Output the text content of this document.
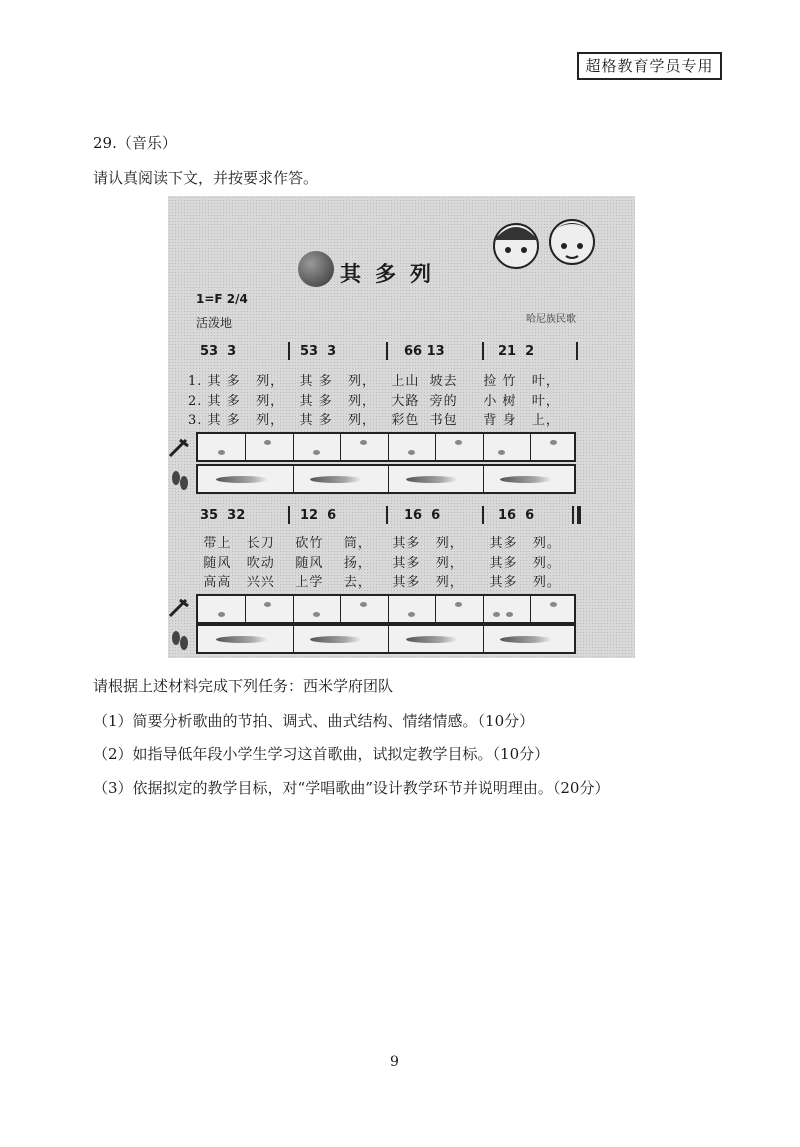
超格教育学员专用
29.（音乐）
请认真阅读下文，并按要求作答。
其多列
1=F 2/4
活泼地	哈尼族民歌
53  3	53  3	66 13	21  2
1. 其 多   列，   其 多   列，   上山  坡去     捡 竹   叶，
2. 其 多   列，   其 多   列，   大路  旁的     小 树   叶，
3. 其 多   列，   其 多   列，   彩色  书包     背 身   上，
35  32	12  6	16  6	16  6
带上   长刀    砍竹    筒，    其多   列，     其多   列。
随风   吹动    随风    扬，    其多   列，     其多   列。
高高   兴兴    上学    去，    其多   列，     其多   列。
请根据上述材料完成下列任务：西米学府团队
（1）简要分析歌曲的节拍、调式、曲式结构、情绪情感。（10分）
（2）如指导低年段小学生学习这首歌曲，试拟定教学目标。（10分）
（3）依据拟定的教学目标，对“学唱歌曲”设计教学环节并说明理由。（20分）
9
